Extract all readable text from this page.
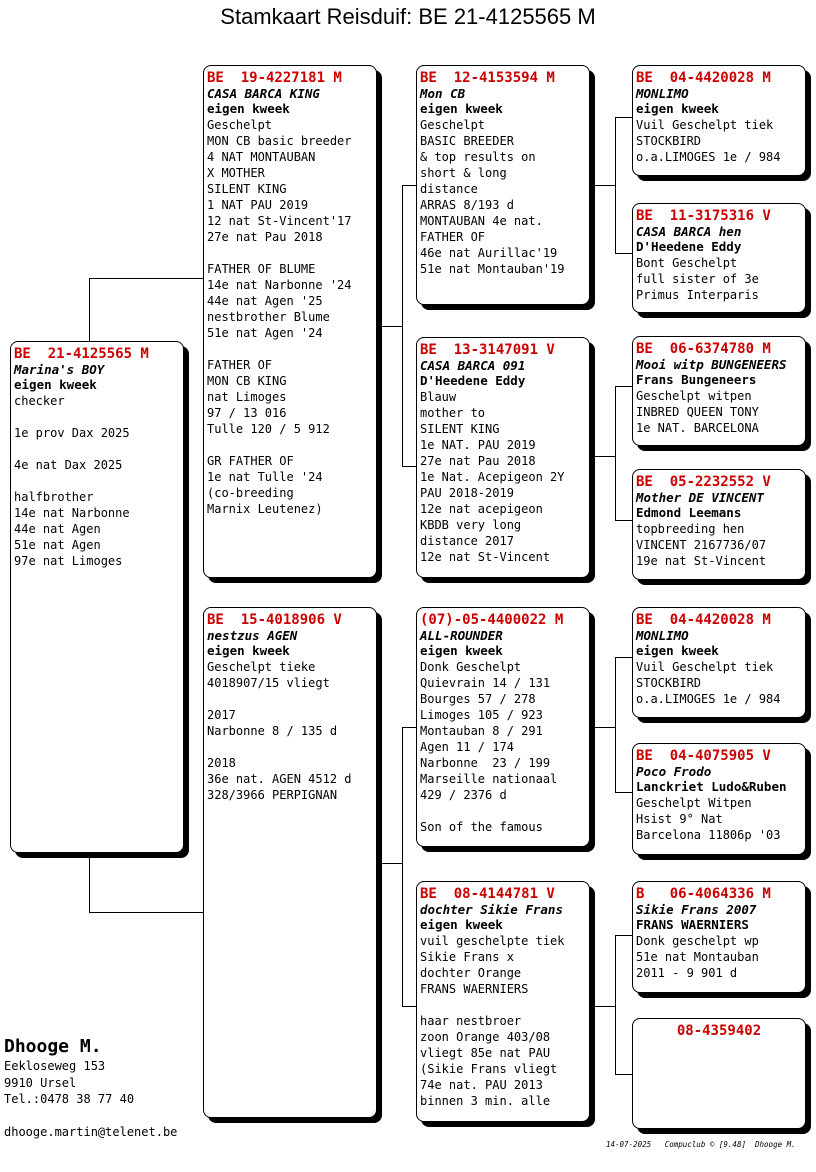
Stamkaart Reisduif: BE 21-4125565 M
BE  21-4125565 M
Marina's BOY
eigen kweek
checker
1e prov Dax 2025
4e nat Dax 2025
halfbrother
14e nat Narbonne
44e nat Agen
51e nat Agen
97e nat Limoges
BE  19-4227181 M
CASA BARCA KING
eigen kweek
Geschelpt
MON CB basic breeder
4 NAT MONTAUBAN
X MOTHER
SILENT KING
1 NAT PAU 2019
12 nat St-Vincent'17
27e nat Pau 2018
FATHER OF BLUME
14e nat Narbonne '24
44e nat Agen '25
nestbrother Blume
51e nat Agen '24
FATHER OF
MON CB KING
nat Limoges
97 / 13 016
Tulle 120 / 5 912
GR FATHER OF
1e nat Tulle '24
(co-breeding
Marnix Leutenez)
BE  15-4018906 V
nestzus AGEN
eigen kweek
Geschelpt tieke
4018907/15 vliegt
2017
Narbonne 8 / 135 d
2018
36e nat. AGEN 4512 d
328/3966 PERPIGNAN
BE  12-4153594 M
Mon CB
eigen kweek
Geschelpt
BASIC BREEDER
& top results on
short & long
distance
ARRAS 8/193 d
MONTAUBAN 4e nat.
FATHER OF
46e nat Aurillac'19
51e nat Montauban'19
BE  13-3147091 V
CASA BARCA 091
D'Heedene Eddy
Blauw
mother to
SILENT KING
1e NAT. PAU 2019
27e nat Pau 2018
1e Nat. Acepigeon 2Y
PAU 2018-2019
12e nat acepigeon
KBDB very long
distance 2017
12e nat St-Vincent
(07)-05-4400022 M
ALL-ROUNDER
eigen kweek
Donk Geschelpt
Quievrain 14 / 131
Bourges 57 / 278
Limoges 105 / 923
Montauban 8 / 291
Agen 11 / 174
Narbonne  23 / 199
Marseille nationaal
429 / 2376 d
Son of the famous
BE  08-4144781 V
dochter Sikie Frans
eigen kweek
vuil geschelpte tiek
Sikie Frans x
dochter Orange
FRANS WAERNIERS
haar nestbroer
zoon Orange 403/08
vliegt 85e nat PAU
(Sikie Frans vliegt
74e nat. PAU 2013
binnen 3 min. alle
BE  04-4420028 M
MONLIMO
eigen kweek
Vuil Geschelpt tiek
STOCKBIRD
o.a.LIMOGES 1e / 984
BE  11-3175316 V
CASA BARCA hen
D'Heedene Eddy
Bont Geschelpt
full sister of 3e
Primus Interparis
BE  06-6374780 M
Mooi witp BUNGENEERS
Frans Bungeneers
Geschelpt witpen
INBRED QUEEN TONY
1e NAT. BARCELONA
BE  05-2232552 V
Mother DE VINCENT
Edmond Leemans
topbreeding hen
VINCENT 2167736/07
19e nat St-Vincent
BE  04-4420028 M
MONLIMO
eigen kweek
Vuil Geschelpt tiek
STOCKBIRD
o.a.LIMOGES 1e / 984
BE  04-4075905 V
Poco Frodo
Lanckriet Ludo&Ruben
Geschelpt Witpen
Hsist 9° Nat
Barcelona 11806p '03
B   06-4064336 M
Sikie Frans 2007
FRANS WAERNIERS
Donk geschelpt wp
51e nat Montauban
2011 - 9 901 d
08-4359402
Dhooge M.
Eekloseweg 153
9910 Ursel
Tel.:0478 38 77 40
dhooge.martin@telenet.be
14-07-2025   Compuclub © [9.48]  Dhooge M.
